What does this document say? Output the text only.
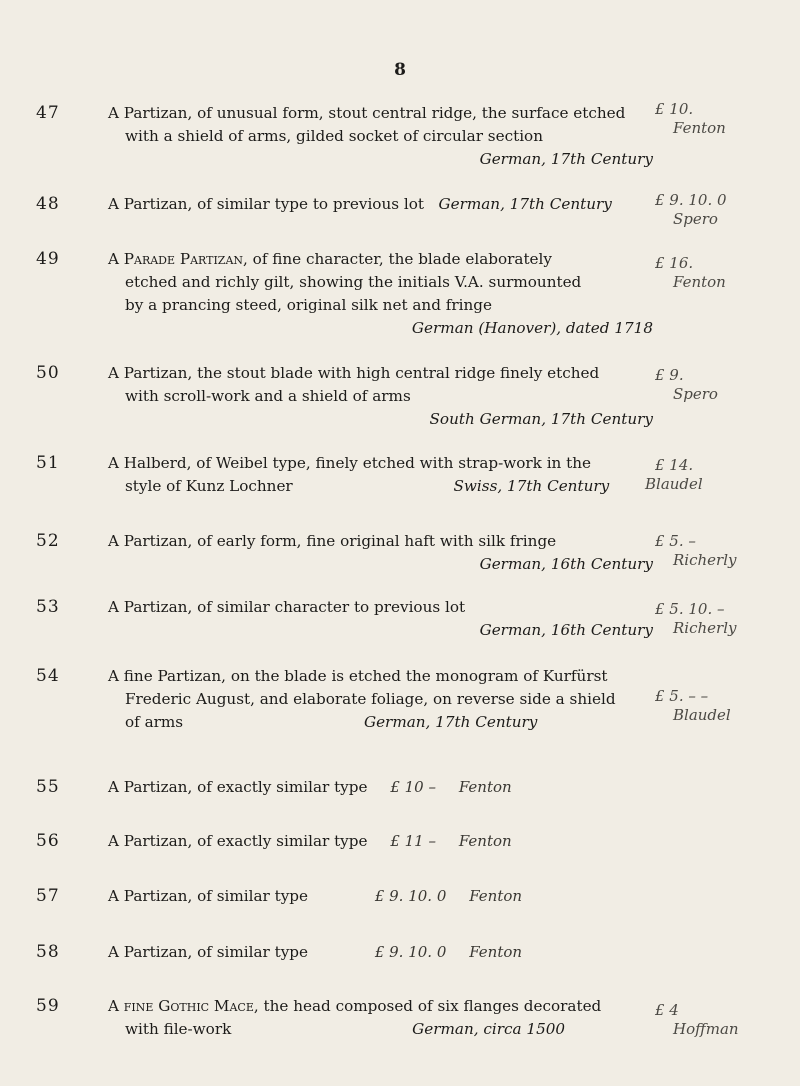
8
47	A Partizan, of unusual form, stout central ridge, the surface etched
with a shield of arms, gilded socket of circular section
German, 17th Century
£ 10.
Fenton
48	A Partizan, of similar type to previous lot German, 17th Century	£ 9. 10. 0
Spero
49	A Parade Partizan, of fine character, the blade elaborately
etched and richly gilt, showing the initials V.A. surmounted
by a prancing steed, original silk net and fringe
German (Hanover), dated 1718
£ 16.
Fenton
50	A Partizan, the stout blade with high central ridge finely etched
with scroll-work and a shield of arms
South German, 17th Century
£ 9.
Spero
51	A Halberd, of Weibel type, finely etched with strap-work in the
style of Kunz Lochner	Swiss, 17th Century
£ 14.
Blaudel
52	A Partizan, of early form, fine original haft with silk fringe
German, 16th Century
£ 5. –
Richerly
53	A Partizan, of similar character to previous lot
German, 16th Century
£ 5. 10. –
Richerly
54	A fine Partizan, on the blade is etched the monogram of Kurfürst
Frederic August, and elaborate foliage, on reverse side a shield
of arms	German, 17th Century
£ 5. – –
Blaudel
55	A Partizan, of exactly similar type £ 10 – Fenton
56	A Partizan, of exactly similar type £ 11 – Fenton
57	A Partizan, of similar type	£ 9. 10. 0 Fenton
58	A Partizan, of similar type	£ 9. 10. 0 Fenton
59	A fine Gothic Mace, the head composed of six flanges decorated
with file-work	German, circa 1500
£ 4
Hoffman
